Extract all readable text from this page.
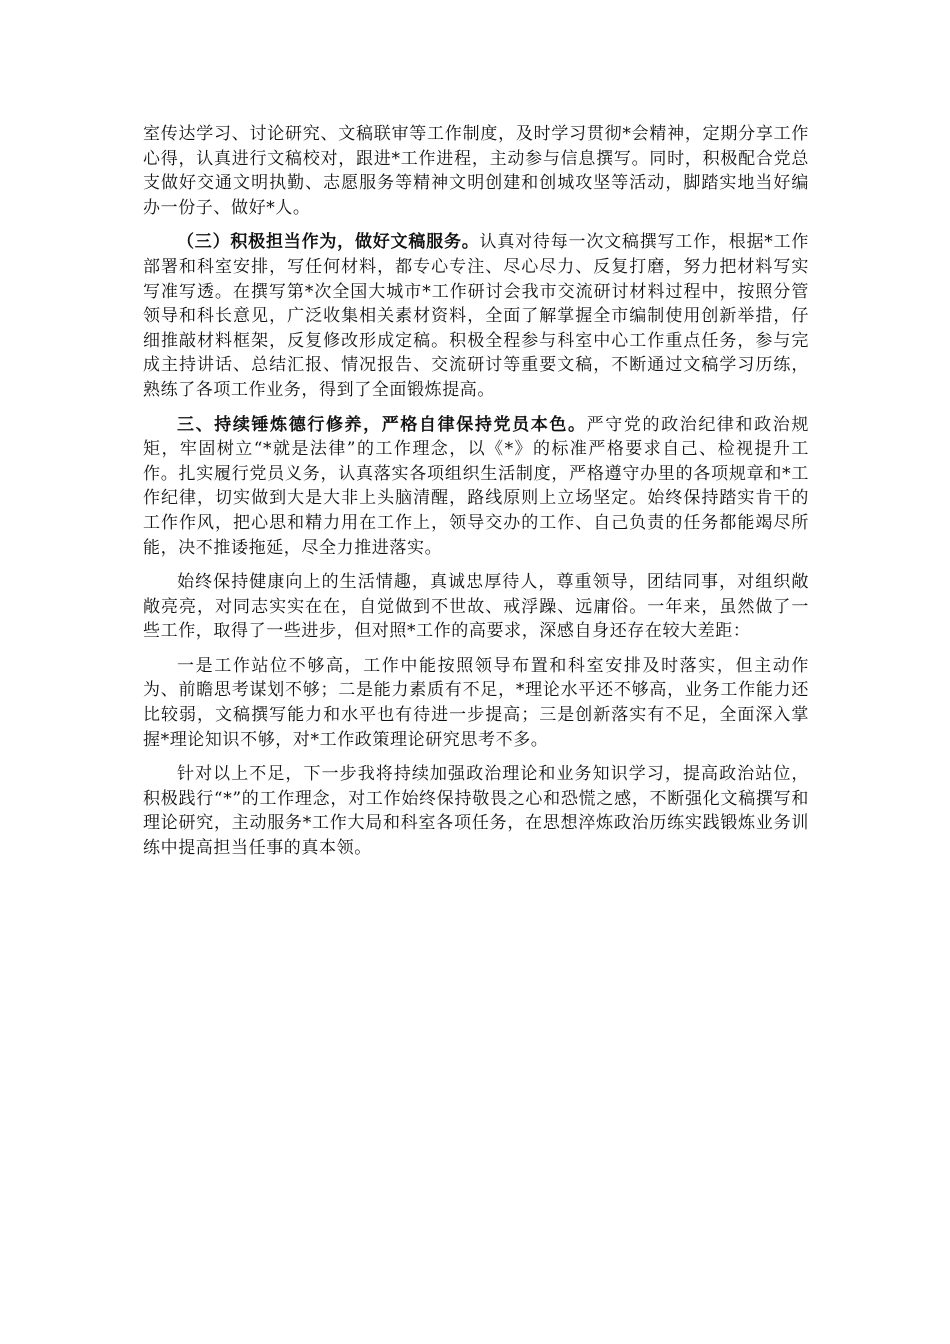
室传达学习、讨论研究、文稿联审等工作制度，及时学习贯彻*会精神，定期分享工作心得，认真进行文稿校对，跟进*工作进程，主动参与信息撰写。同时，积极配合党总支做好交通文明执勤、志愿服务等精神文明创建和创城攻坚等活动，脚踏实地当好编办一份子、做好*人。

（三）积极担当作为，做好文稿服务。认真对待每一次文稿撰写工作，根据*工作部署和科室安排，写任何材料，都专心专注、尽心尽力、反复打磨，努力把材料写实写准写透。在撰写第*次全国大城市*工作研讨会我市交流研讨材料过程中，按照分管领导和科长意见，广泛收集相关素材资料，全面了解掌握全市编制使用创新举措，仔细推敲材料框架，反复修改形成定稿。积极全程参与科室中心工作重点任务，参与完成主持讲话、总结汇报、情况报告、交流研讨等重要文稿，不断通过文稿学习历练，熟练了各项工作业务，得到了全面锻炼提高。

三、持续锤炼德行修养，严格自律保持党员本色。严守党的政治纪律和政治规矩，牢固树立“*就是法律”的工作理念，以《*》的标准严格要求自己、检视提升工作。扎实履行党员义务，认真落实各项组织生活制度，严格遵守办里的各项规章和*工作纪律，切实做到大是大非上头脑清醒，路线原则上立场坚定。始终保持踏实肯干的工作作风，把心思和精力用在工作上，领导交办的工作、自己负责的任务都能竭尽所能，决不推诿拖延，尽全力推进落实。

始终保持健康向上的生活情趣，真诚忠厚待人，尊重领导，团结同事，对组织敞敞亮亮，对同志实实在在，自觉做到不世故、戒浮躁、远庸俗。一年来，虽然做了一些工作，取得了一些进步，但对照*工作的高要求，深感自身还存在较大差距：

一是工作站位不够高，工作中能按照领导布置和科室安排及时落实，但主动作为、前瞻思考谋划不够；二是能力素质有不足，*理论水平还不够高，业务工作能力还比较弱，文稿撰写能力和水平也有待进一步提高；三是创新落实有不足，全面深入掌握*理论知识不够，对*工作政策理论研究思考不多。

针对以上不足，下一步我将持续加强政治理论和业务知识学习，提高政治站位，积极践行“*”的工作理念，对工作始终保持敬畏之心和恐慌之感，不断强化文稿撰写和理论研究，主动服务*工作大局和科室各项任务，在思想淬炼政治历练实践锻炼业务训练中提高担当任事的真本领。
